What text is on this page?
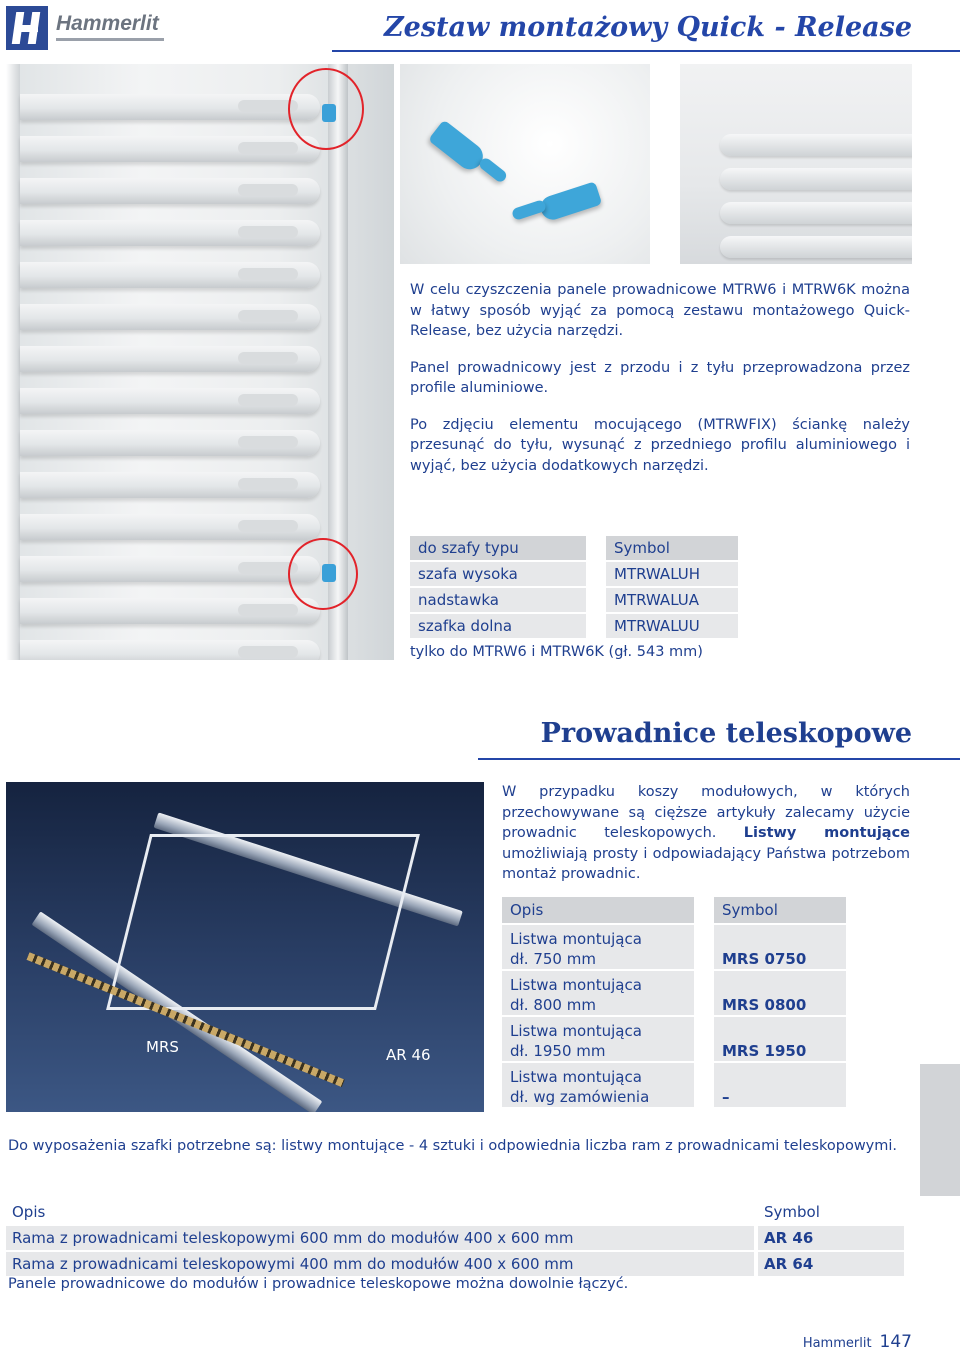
Hammerlit	Zestaw montażowy Quick - Release

W celu czyszczenia panele prowadnicowe MTRW6 i MTRW6K można w łatwy sposób wyjąć za pomocą zestawu montażowego Quick-Release, bez użycia narzędzi.

Panel prowadnicowy jest z przodu i z tyłu przeprowadzona przez profile aluminiowe.

Po zdjęciu elementu mocującego (MTRWFIX) ściankę należy przesunąć do tyłu, wysunąć z przedniego profilu aluminiowego i wyjąć, bez użycia dodatkowych narzędzi.

do szafy typu	Symbol
szafa wysoka	MTRWALUH
nadstawka	MTRWALUA
szafka dolna	MTRWALUU
tylko do MTRW6 i MTRW6K (gł. 543 mm)
Prowadnice teleskopowe
MRS	AR 46
W przypadku koszy modułowych, w których przechowywane są cięższe artykuły zalecamy użycie prowadnic teleskopowych. Listwy montujące umożliwiają prosty i odpowiadający Państwa potrzebom montaż prowadnic.
Opis	Symbol

Listwa montująca
dł. 750 mm	MRS 0750

Listwa montująca
dł. 800 mm	MRS 0800

Listwa montująca
dł. 1950 mm	MRS 1950

Listwa montująca
dł. wg zamówienia	–
Do wyposażenia szafki potrzebne są: listwy montujące - 4 sztuki i odpowiednia liczba ram z prowadnicami teleskopowymi.

Opis	Symbol
Rama z prowadnicami teleskopowymi 600 mm do modułów 400 x 600 mm	AR 46
Rama z prowadnicami teleskopowymi 400 mm do modułów 400 x 600 mm	AR 64
Panele prowadnicowe do modułów i prowadnice teleskopowe można dowolnie łączyć.
Hammerlit 147
